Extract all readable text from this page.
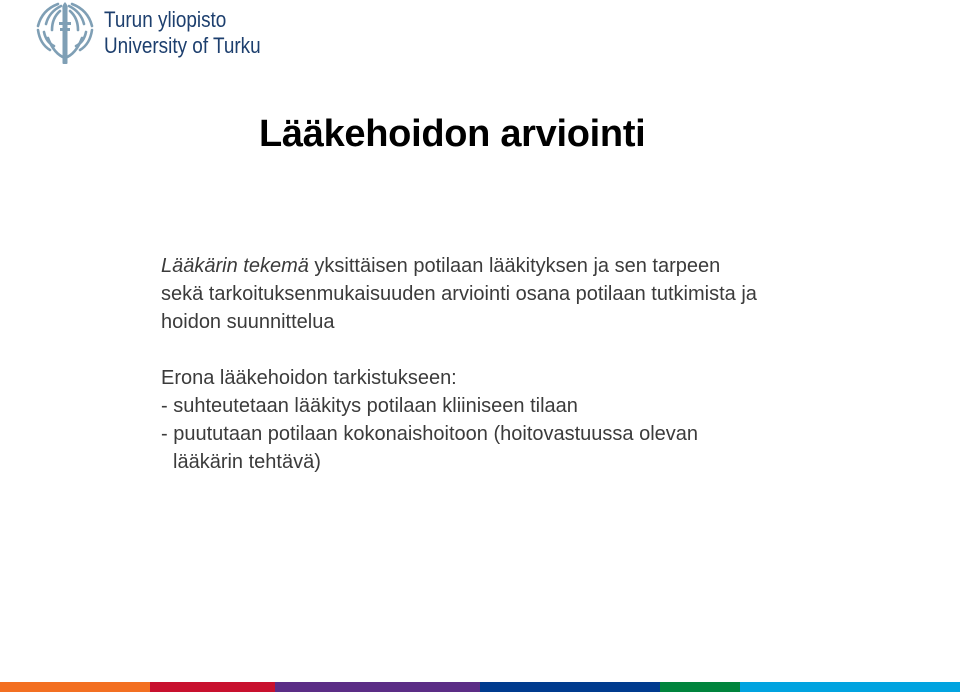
Turun yliopisto
University of Turku
Lääkehoidon arviointi

Lääkärin tekemä yksittäisen potilaan lääkityksen ja sen tarpeen
sekä tarkoituksenmukaisuuden arviointi osana potilaan tutkimista ja
hoidon suunnittelua

Erona lääkehoidon tarkistukseen:
- suhteutetaan lääkitys potilaan kliiniseen tilaan
- puututaan potilaan kokonaishoitoon (hoitovastuussa olevan
lääkärin tehtävä)
